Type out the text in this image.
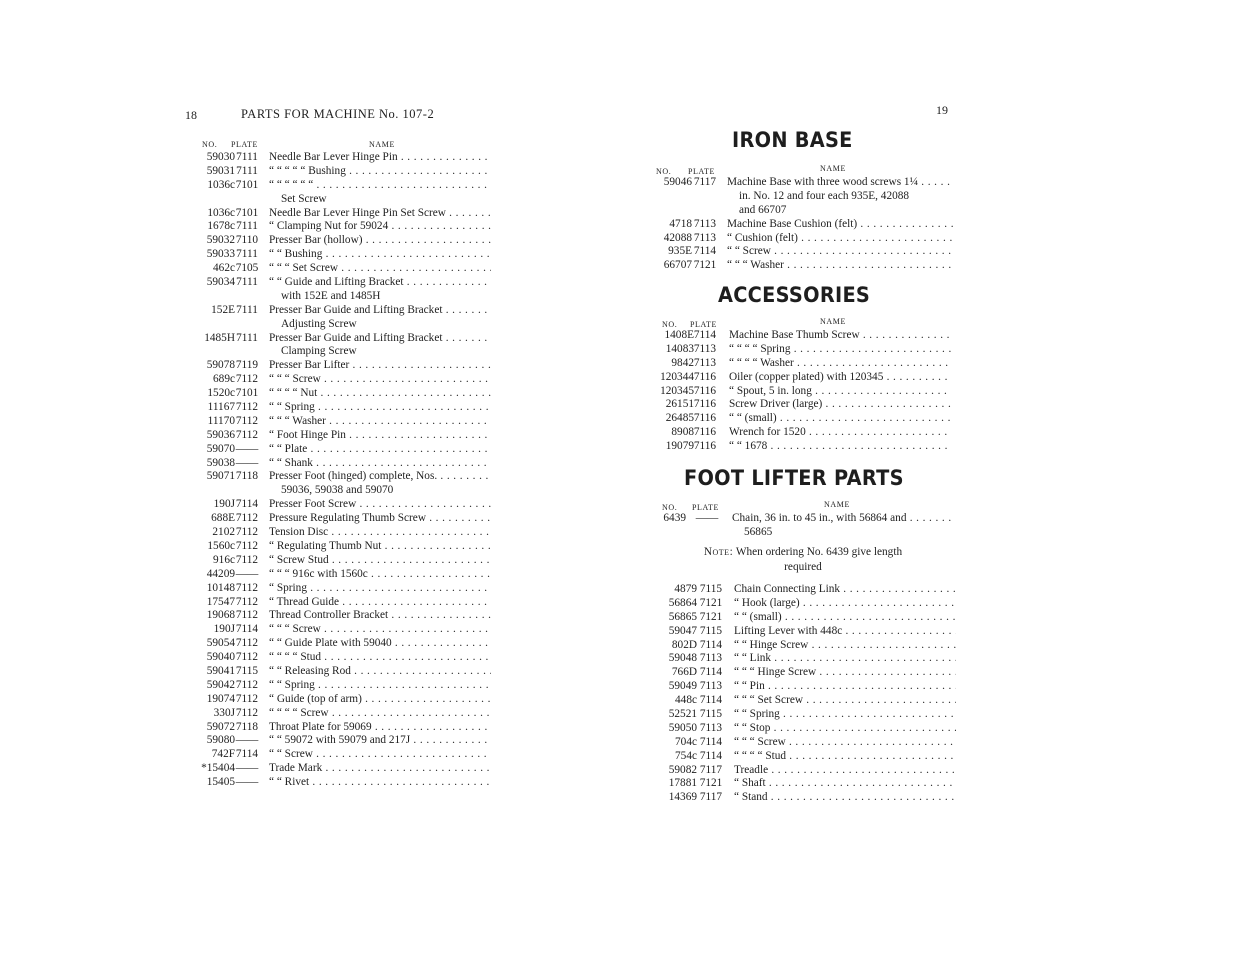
18	PARTS FOR MACHINE No. 107-2
NO. PLATE	NAME
59030 7111 Needle Bar Lever Hinge Pin . . .
59031 7111 “ “ “ “ “ Bushing . . .
1036c 7101 “ “ “ “ “ “ . . .
Set Screw
1036c 7101 Needle Bar Lever Hinge Pin Set Screw . . .
1678c 7111 “ Clamping Nut for 59024 . . .
59032 7110 Presser Bar (hollow) . . .
59033 7111 “ “ Bushing . . .
462c 7105 “ “ “ Set Screw . . .
59034 7111 “ “ Guide and Lifting Bracket . . .
with 152E and 1485H
152E 7111 Presser Bar Guide and Lifting Bracket . . .
Adjusting Screw
1485H 7111 Presser Bar Guide and Lifting Bracket . . .
Clamping Screw
59078 7119 Presser Bar Lifter . . .
689c 7112 “ “ “ Screw . . .
1520c 7101 “ “ “ “ Nut . . .
11167 7112 “ “ Spring . . .
11170 7112 “ “ “ Washer . . .
59036 7112 “ Foot Hinge Pin . . .
59070 —— “ “ Plate . . .
59038 —— “ “ Shank . . .
59071 7118 Presser Foot (hinged) complete, Nos. . . .
59036, 59038 and 59070
190J 7114 Presser Foot Screw . . .
688E 7112 Pressure Regulating Thumb Screw . . .
2102 7112 Tension Disc . . .
1560c 7112 “ Regulating Thumb Nut . . .
916c 7112 “ Screw Stud . . .
44209 —— “ “ “ 916c with 1560c . . .
10148 7112 “ Spring . . .
17547 7112 “ Thread Guide . . .
19068 7112 Thread Controller Bracket . . .
190J 7114 “ “ “ Screw . . .
59054 7112 “ “ Guide Plate with 59040 . . .
59040 7112 “ “ “ “ Stud . . .
59041 7115 “ “ Releasing Rod . . .
59042 7112 “ “ Spring . . .
19074 7112 “ Guide (top of arm) . . .
330J 7112 “ “ “ “ Screw . . .
59072 7118 Throat Plate for 59069 . . .
59080 —— “ “ 59072 with 59079 and 217J . . .
742F 7114 “ “ Screw . . .
*15404 —— Trade Mark . . .
15405 —— “ “ Rivet . . .
19
IRON BASE
NO. PLATE	NAME
59046 7117 Machine Base with three wood screws 1¼ . . .
in. No. 12 and four each 935E, 42088
and 66707
4718 7113 Machine Base Cushion (felt) . . .
42088 7113 “ Cushion (felt) . . .
935E 7114 “ “ Screw . . .
66707 7121 “ “ “ Washer . . .
ACCESSORIES
NO. PLATE	NAME
1408E 7114 Machine Base Thumb Screw . . .
14083 7113 “ “ “ “ Spring . . .
9842 7113 “ “ “ “ Washer . . .
120344 7116 Oiler (copper plated) with 120345 . . .
120345 7116 “ Spout, 5 in. long . . .
26151 7116 Screw Driver (large) . . .
26485 7116 “ “ (small) . . .
8908 7116 Wrench for 1520 . . .
19079 7116 “ “ 1678 . . .
FOOT LIFTER PARTS
NO. PLATE	NAME
6439 —— Chain, 36 in. to 45 in., with 56864 and . . .
56865
Note: When ordering No. 6439 give length
required
4879 7115 Chain Connecting Link . . .
56864 7121 “ Hook (large) . . .
56865 7121 “ “ (small) . . .
59047 7115 Lifting Lever with 448c . . .
802D 7114 “ “ Hinge Screw . . .
59048 7113 “ “ Link . . .
766D 7114 “ “ “ Hinge Screw . . .
59049 7113 “ “ Pin . . .
448c 7114 “ “ “ Set Screw . . .
52521 7115 “ “ Spring . . .
59050 7113 “ “ Stop . . .
704c 7114 “ “ “ Screw . . .
754c 7114 “ “ “ “ Stud . . .
59082 7117 Treadle . . .
17881 7121 “ Shaft . . .
14369 7117 “ Stand . . .
